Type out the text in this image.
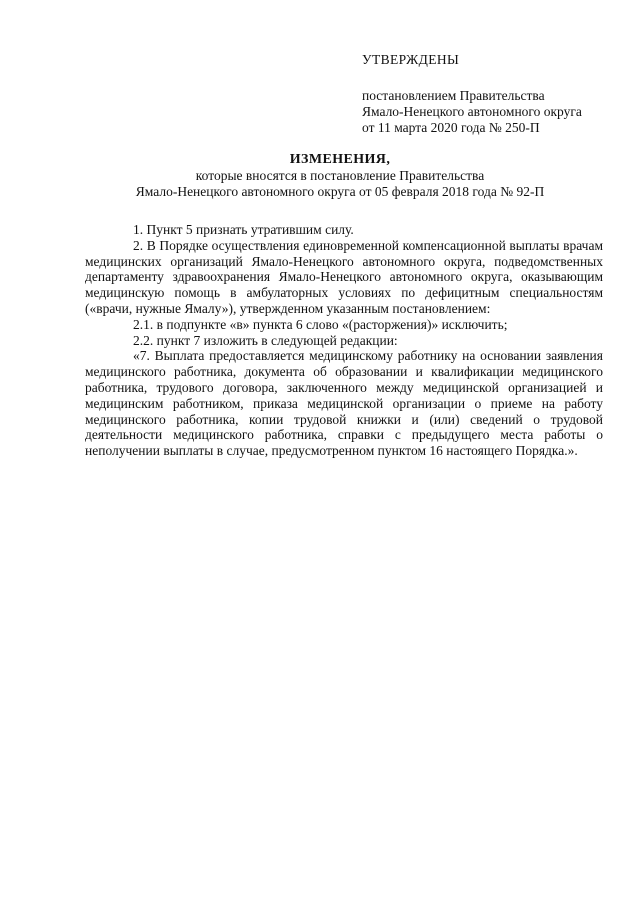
УТВЕРЖДЕНЫ
постановлением Правительства
Ямало-Ненецкого автономного округа
от 11 марта 2020 года № 250-П
ИЗМЕНЕНИЯ,
которые вносятся в постановление Правительства
Ямало-Ненецкого автономного округа от 05 февраля 2018 года № 92-П

1. Пункт 5 признать утратившим силу.

2. В Порядке осуществления единовременной компенсационной выплаты врачам медицинских организаций Ямало-Ненецкого автономного округа, подведомственных департаменту здравоохранения Ямало-Ненецкого автономного округа, оказывающим медицинскую помощь в амбулаторных условиях по дефицитным специальностям («врачи, нужные Ямалу»), утвержденном указанным постановлением:

2.1. в подпункте «в» пункта 6 слово «(расторжения)» исключить;

2.2. пункт 7 изложить в следующей редакции:

«7. Выплата предоставляется медицинскому работнику на основании заявления медицинского работника, документа об образовании и квалификации медицинского работника, трудового договора, заключенного между медицинской организацией и медицинским работником, приказа медицинской организации о приеме на работу медицинского работника, копии трудовой книжки и (или) сведений о трудовой деятельности медицинского работника, справки с предыдущего места работы о неполучении выплаты в случае, предусмотренном пунктом 16 настоящего Порядка.».
